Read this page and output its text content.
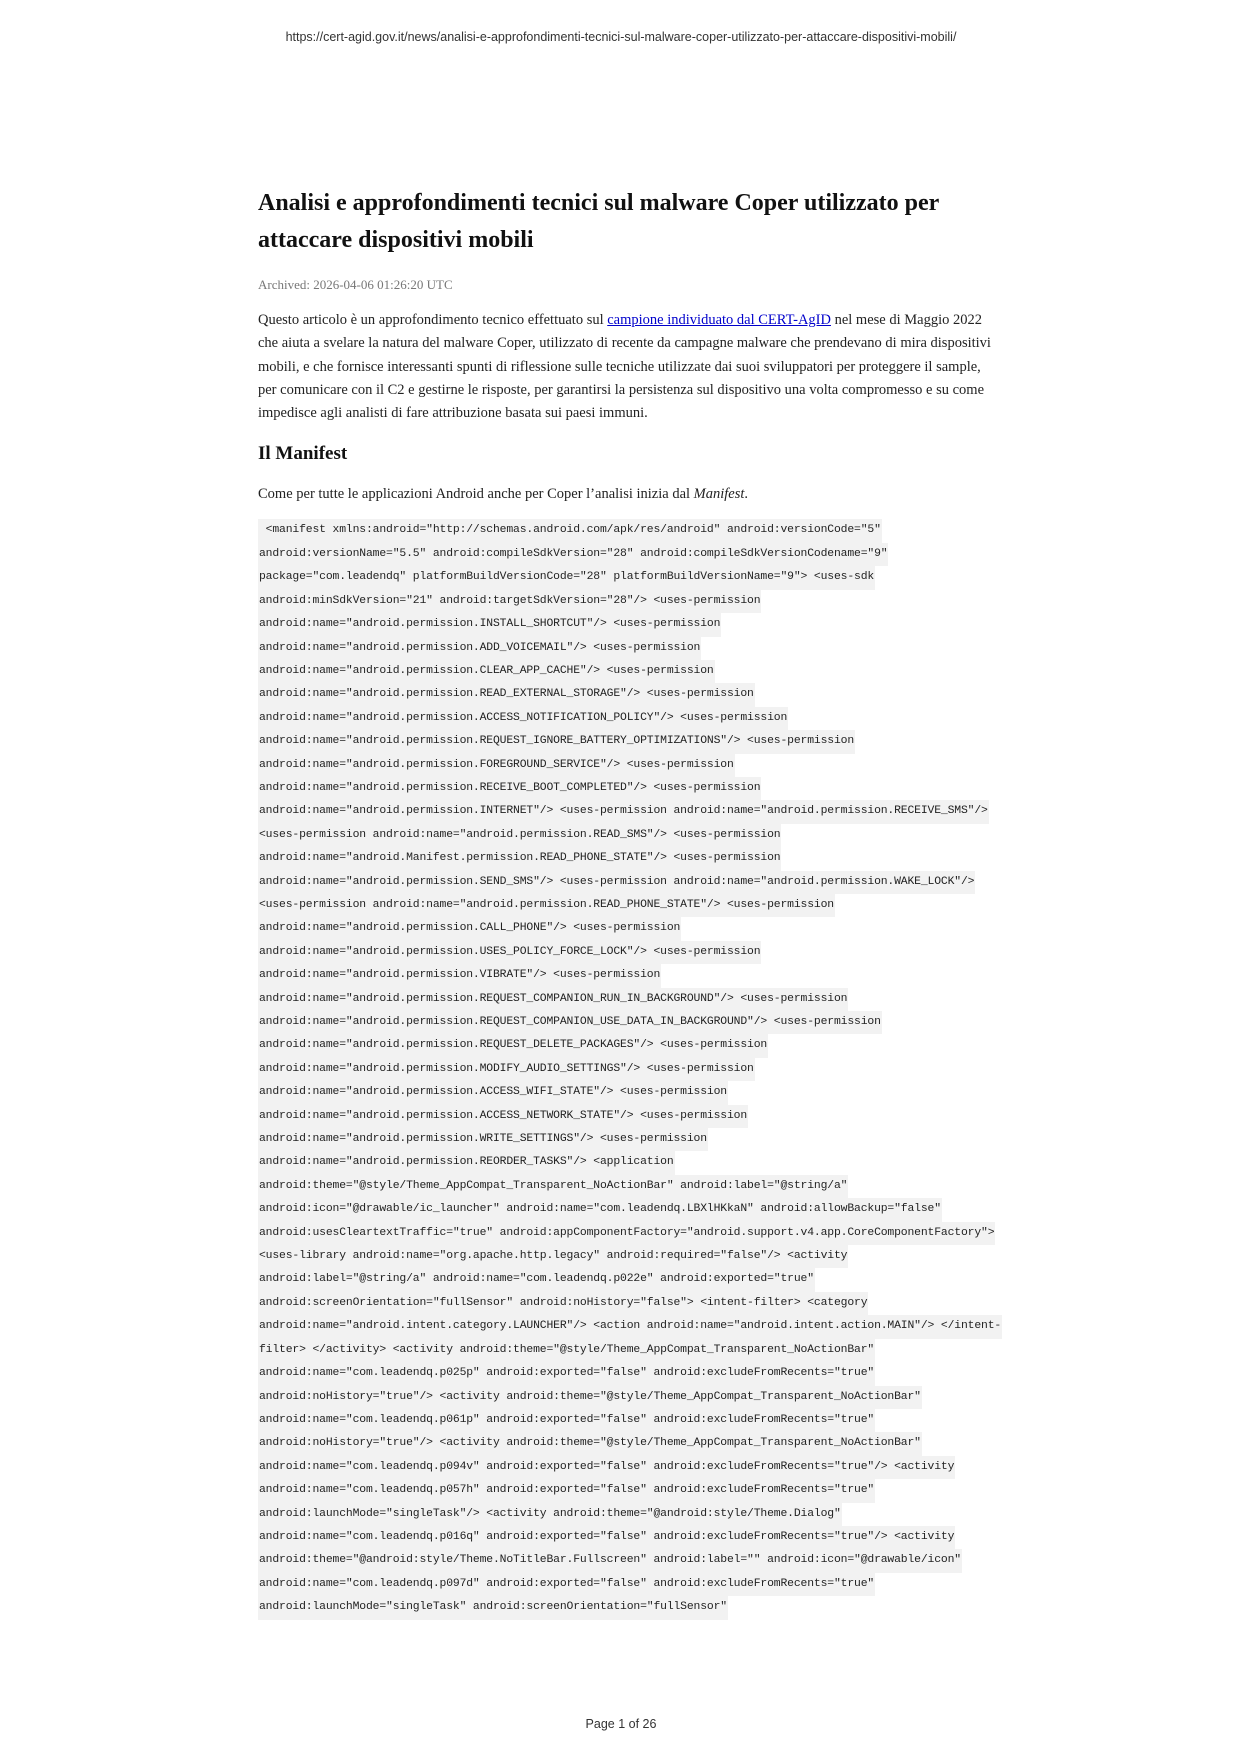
https://cert-agid.gov.it/news/analisi-e-approfondimenti-tecnici-sul-malware-coper-utilizzato-per-attaccare-dispositivi-mobili/
Analisi e approfondimenti tecnici sul malware Coper utilizzato per
attaccare dispositivi mobili
Archived: 2026-04-06 01:26:20 UTC

Questo articolo è un approfondimento tecnico effettuato sul campione individuato dal CERT-AgID nel mese di Maggio 2022 che aiuta a svelare la natura del malware Coper, utilizzato di recente da campagne malware che prendevano di mira dispositivi mobili, e che fornisce interessanti spunti di riflessione sulle tecniche utilizzate dai suoi sviluppatori per proteggere il sample, per comunicare con il C2 e gestirne le risposte, per garantirsi la persistenza sul dispositivo una volta compromesso e su come impedisce agli analisti di fare attribuzione basata sui paesi immuni.

Il Manifest

Come per tutte le applicazioni Android anche per Coper l’analisi inizia dal Manifest.

<manifest xmlns:android="http://schemas.android.com/apk/res/android" android:versionCode="5"
android:versionName="5.5" android:compileSdkVersion="28" android:compileSdkVersionCodename="9"
package="com.leadendq" platformBuildVersionCode="28" platformBuildVersionName="9"> <uses-sdk
android:minSdkVersion="21" android:targetSdkVersion="28"/> <uses-permission
android:name="android.permission.INSTALL_SHORTCUT"/> <uses-permission
android:name="android.permission.ADD_VOICEMAIL"/> <uses-permission
android:name="android.permission.CLEAR_APP_CACHE"/> <uses-permission
android:name="android.permission.READ_EXTERNAL_STORAGE"/> <uses-permission
android:name="android.permission.ACCESS_NOTIFICATION_POLICY"/> <uses-permission
android:name="android.permission.REQUEST_IGNORE_BATTERY_OPTIMIZATIONS"/> <uses-permission
android:name="android.permission.FOREGROUND_SERVICE"/> <uses-permission
android:name="android.permission.RECEIVE_BOOT_COMPLETED"/> <uses-permission
android:name="android.permission.INTERNET"/> <uses-permission android:name="android.permission.RECEIVE_SMS"/>
<uses-permission android:name="android.permission.READ_SMS"/> <uses-permission
android:name="android.Manifest.permission.READ_PHONE_STATE"/> <uses-permission
android:name="android.permission.SEND_SMS"/> <uses-permission android:name="android.permission.WAKE_LOCK"/>
<uses-permission android:name="android.permission.READ_PHONE_STATE"/> <uses-permission
android:name="android.permission.CALL_PHONE"/> <uses-permission
android:name="android.permission.USES_POLICY_FORCE_LOCK"/> <uses-permission
android:name="android.permission.VIBRATE"/> <uses-permission
android:name="android.permission.REQUEST_COMPANION_RUN_IN_BACKGROUND"/> <uses-permission
android:name="android.permission.REQUEST_COMPANION_USE_DATA_IN_BACKGROUND"/> <uses-permission
android:name="android.permission.REQUEST_DELETE_PACKAGES"/> <uses-permission
android:name="android.permission.MODIFY_AUDIO_SETTINGS"/> <uses-permission
android:name="android.permission.ACCESS_WIFI_STATE"/> <uses-permission
android:name="android.permission.ACCESS_NETWORK_STATE"/> <uses-permission
android:name="android.permission.WRITE_SETTINGS"/> <uses-permission
android:name="android.permission.REORDER_TASKS"/> <application
android:theme="@style/Theme_AppCompat_Transparent_NoActionBar" android:label="@string/a"
android:icon="@drawable/ic_launcher" android:name="com.leadendq.LBXlHKkaN" android:allowBackup="false"
android:usesCleartextTraffic="true" android:appComponentFactory="android.support.v4.app.CoreComponentFactory">
<uses-library android:name="org.apache.http.legacy" android:required="false"/> <activity
android:label="@string/a" android:name="com.leadendq.p022e" android:exported="true"
android:screenOrientation="fullSensor" android:noHistory="false"> <intent-filter> <category
android:name="android.intent.category.LAUNCHER"/> <action android:name="android.intent.action.MAIN"/> </intent-
filter> </activity> <activity android:theme="@style/Theme_AppCompat_Transparent_NoActionBar"
android:name="com.leadendq.p025p" android:exported="false" android:excludeFromRecents="true"
android:noHistory="true"/> <activity android:theme="@style/Theme_AppCompat_Transparent_NoActionBar"
android:name="com.leadendq.p061p" android:exported="false" android:excludeFromRecents="true"
android:noHistory="true"/> <activity android:theme="@style/Theme_AppCompat_Transparent_NoActionBar"
android:name="com.leadendq.p094v" android:exported="false" android:excludeFromRecents="true"/> <activity
android:name="com.leadendq.p057h" android:exported="false" android:excludeFromRecents="true"
android:launchMode="singleTask"/> <activity android:theme="@android:style/Theme.Dialog"
android:name="com.leadendq.p016q" android:exported="false" android:excludeFromRecents="true"/> <activity
android:theme="@android:style/Theme.NoTitleBar.Fullscreen" android:label="" android:icon="@drawable/icon"
android:name="com.leadendq.p097d" android:exported="false" android:excludeFromRecents="true"
android:launchMode="singleTask" android:screenOrientation="fullSensor"
Page 1 of 26
